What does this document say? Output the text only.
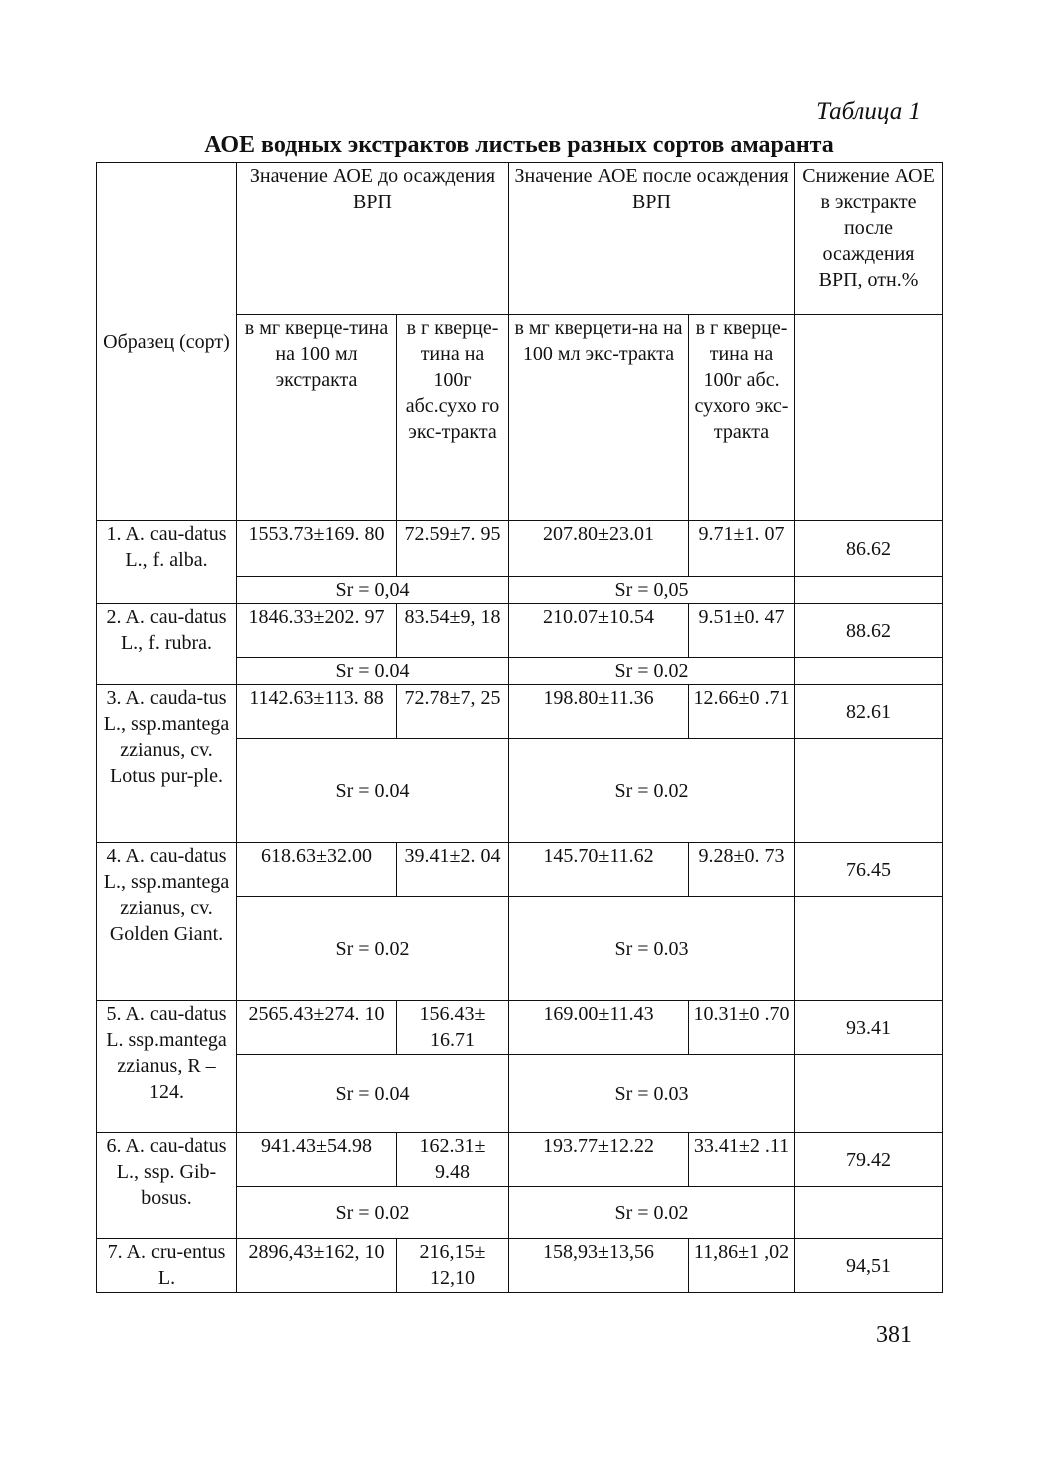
Таблица 1
АОЕ водных экстрактов листьев разных сортов амаранта
Образец (сорт)	Значение АОЕ до осаждения ВРП		Значение АОЕ после осаждения ВРП		Снижение АОЕ в экстракте после осаждения ВРП, отн.%
	в мг кверце-тина на 100 мл экстракта	в г кверце-тина на 100г абс.сухо го экс-тракта	в мг кверцети-на на 100 мл экс-тракта	в г кверце-тина на 100г абс. сухого экс-тракта	
1. A. cau-datus L., f. alba.	1553.73±169. 80	72.59±7. 95	207.80±23.01	9.71±1. 07	86.62
	Sr = 0,04		Sr = 0,05		
2. A. cau-datus L., f. rubra.	1846.33±202. 97	83.54±9, 18	210.07±10.54	9.51±0. 47	88.62
	Sr = 0.04		Sr = 0.02		
3. A. cauda-tus L., ssp.mantega zzianus, cv. Lotus pur-ple.	1142.63±113. 88	72.78±7, 25	198.80±11.36	12.66±0 .71	82.61
	Sr = 0.04		Sr = 0.02		
4. A. cau-datus L., ssp.mantega zzianus, cv. Golden Giant.	618.63±32.00	39.41±2. 04	145.70±11.62	9.28±0. 73	76.45
	Sr = 0.02		Sr = 0.03		
5. A. cau-datus L. ssp.mantega zzianus, R – 124.	2565.43±274. 10	156.43± 16.71	169.00±11.43	10.31±0 .70	93.41
	Sr = 0.04		Sr = 0.03		
6. A. cau-datus L., ssp. Gib-bosus.	941.43±54.98	162.31± 9.48	193.77±12.22	33.41±2 .11	79.42
	Sr = 0.02		Sr = 0.02		
7. A. cru-entus L.	2896,43±162, 10	216,15± 12,10	158,93±13,56	11,86±1 ,02	94,51
381
